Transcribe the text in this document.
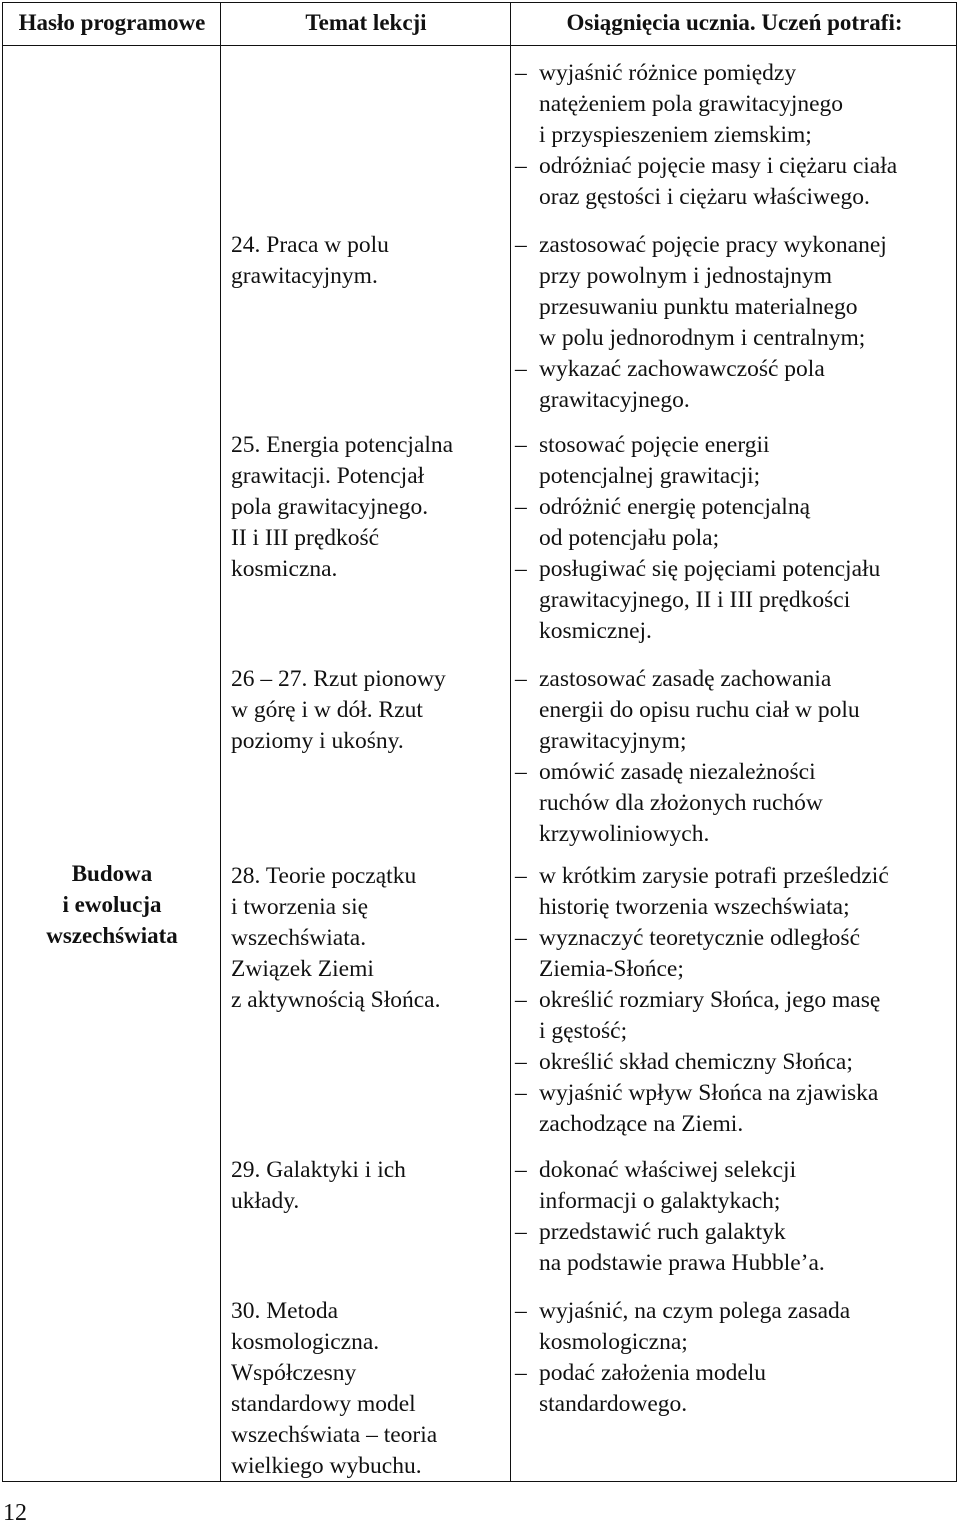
Hasło programowe	Temat lekcji	Osiągnięcia ucznia. Uczeń potrafi:
Budowa
i ewolucja
wszechświata
– wyjaśnić różnice pomiędzy
natężeniem pola grawitacyjnego
i przyspieszeniem ziemskim;
– odróżniać pojęcie masy i ciężaru ciała
oraz gęstości i ciężaru właściwego.

24. Praca w polu

grawitacyjnym.

– zastosować pojęcie pracy wykonanej
przy powolnym i jednostajnym
przesuwaniu punktu materialnego
w polu jednorodnym i centralnym;
– wykazać zachowawczość pola
grawitacyjnego.

25. Energia potencjalna

grawitacji. Potencjał

pola grawitacyjnego.

II i III prędkość

kosmiczna.

– stosować pojęcie energii
potencjalnej grawitacji;
– odróżnić energię potencjalną
od potencjału pola;
– posługiwać się pojęciami potencjału
grawitacyjnego, II i III prędkości
kosmicznej.

26 – 27. Rzut pionowy

w górę i w dół. Rzut

poziomy i ukośny.

– zastosować zasadę zachowania
energii do opisu ruchu ciał w polu
grawitacyjnym;
– omówić zasadę niezależności
ruchów dla złożonych ruchów
krzywoliniowych.

28. Teorie początku

i tworzenia się

wszechświata.

Związek Ziemi

z aktywnością Słońca.

– w krótkim zarysie potrafi prześledzić
historię tworzenia wszechświata;
– wyznaczyć teoretycznie odległość
Ziemia-Słońce;
– określić rozmiary Słońca, jego masę
i gęstość;
– określić skład chemiczny Słońca;
– wyjaśnić wpływ Słońca na zjawiska
zachodzące na Ziemi.

29. Galaktyki i ich

układy.

– dokonać właściwej selekcji
informacji o galaktykach;
– przedstawić ruch galaktyk
na podstawie prawa Hubble’a.

30. Metoda

kosmologiczna.

Współczesny

standardowy model

wszechświata – teoria

wielkiego wybuchu.

– wyjaśnić, na czym polega zasada
kosmologiczna;
– podać założenia modelu
standardowego.
12
